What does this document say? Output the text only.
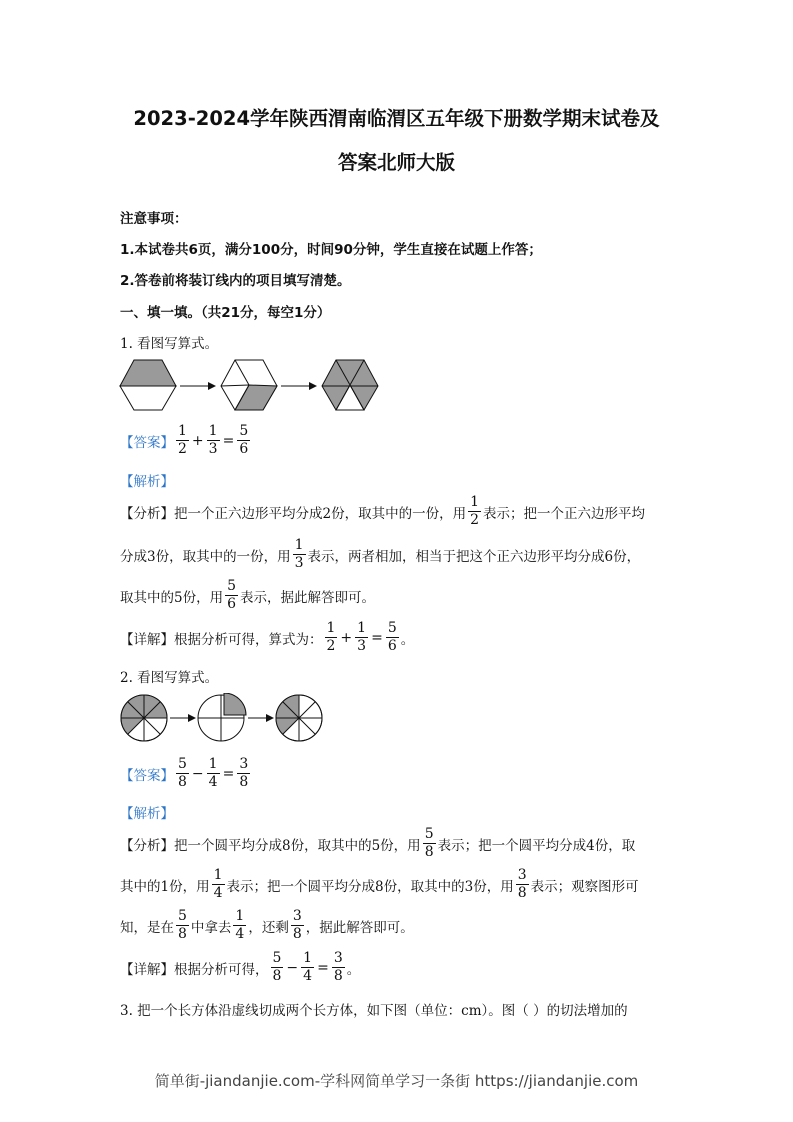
2023-2024学年陕西渭南临渭区五年级下册数学期末试卷及
答案北师大版
注意事项：
1.本试卷共6页，满分100分，时间90分钟，学生直接在试题上作答；
2.答卷前将装订线内的项目填写清楚。
一、填一填。（共21分，每空1分）
1. 看图写算式。
【答案】 $\frac{1}{2} + \frac{1}{3} = \frac{5}{6}$
【解析】
【分析】 把一个正六边形平均分成2份，取其中的一份，用 $\frac{1}{2}$ 表示；把一个正六边形平均
分成3份，取其中的一份，用 $\frac{1}{3}$ 表示，两者相加，相当于把这个正六边形平均分成6份，
取其中的5份，用 $\frac{5}{6}$ 表示，据此解答即可。
【详解】 根据分析可得，算式为： $\frac{1}{2} + \frac{1}{3} = \frac{5}{6}$ 。
2. 看图写算式。
【答案】 $\frac{5}{8} - \frac{1}{4} = \frac{3}{8}$
【解析】
【分析】 把一个圆平均分成8份，取其中的5份，用 $\frac{5}{8}$ 表示；把一个圆平均分成4份，取
其中的1份，用 $\frac{1}{4}$ 表示；把一个圆平均分成8份，取其中的3份，用 $\frac{3}{8}$ 表示；观察图形可
知，是在 $\frac{5}{8}$ 中拿去 $\frac{1}{4}$ ，还剩 $\frac{3}{8}$ ，据此解答即可。
【详解】 根据分析可得， $\frac{5}{8} - \frac{1}{4} = \frac{3}{8}$ 。
3. 把一个长方体沿虚线切成两个长方体，如下图（单位：cm）。图（ ）的切法增加的
简单街-jiandanjie.com-学科网简单学习一条街 https://jiandanjie.com
